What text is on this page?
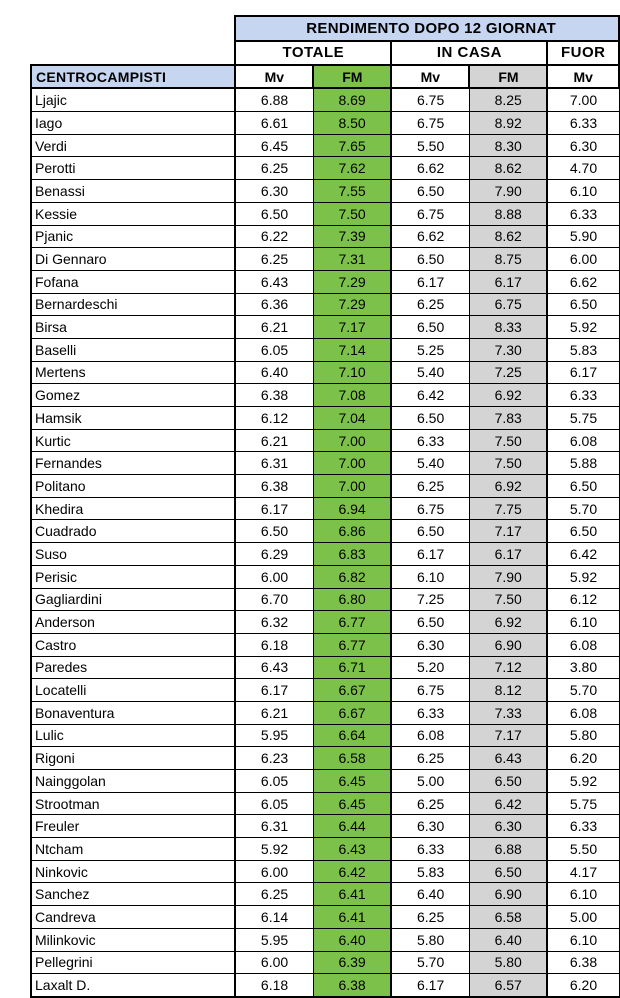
	RENDIMENTO DOPO 12 GIORNAT				
	TOTALE		IN CASA		FUOR
CENTROCAMPISTI	Mv	FM	Mv	FM	Mv
Ljajic	6.88	8.69	6.75	8.25	7.00
Iago	6.61	8.50	6.75	8.92	6.33
Verdi	6.45	7.65	5.50	8.30	6.30
Perotti	6.25	7.62	6.62	8.62	4.70
Benassi	6.30	7.55	6.50	7.90	6.10
Kessie	6.50	7.50	6.75	8.88	6.33
Pjanic	6.22	7.39	6.62	8.62	5.90
Di Gennaro	6.25	7.31	6.50	8.75	6.00
Fofana	6.43	7.29	6.17	6.17	6.62
Bernardeschi	6.36	7.29	6.25	6.75	6.50
Birsa	6.21	7.17	6.50	8.33	5.92
Baselli	6.05	7.14	5.25	7.30	5.83
Mertens	6.40	7.10	5.40	7.25	6.17
Gomez	6.38	7.08	6.42	6.92	6.33
Hamsik	6.12	7.04	6.50	7.83	5.75
Kurtic	6.21	7.00	6.33	7.50	6.08
Fernandes	6.31	7.00	5.40	7.50	5.88
Politano	6.38	7.00	6.25	6.92	6.50
Khedira	6.17	6.94	6.75	7.75	5.70
Cuadrado	6.50	6.86	6.50	7.17	6.50
Suso	6.29	6.83	6.17	6.17	6.42
Perisic	6.00	6.82	6.10	7.90	5.92
Gagliardini	6.70	6.80	7.25	7.50	6.12
Anderson	6.32	6.77	6.50	6.92	6.10
Castro	6.18	6.77	6.30	6.90	6.08
Paredes	6.43	6.71	5.20	7.12	3.80
Locatelli	6.17	6.67	6.75	8.12	5.70
Bonaventura	6.21	6.67	6.33	7.33	6.08
Lulic	5.95	6.64	6.08	7.17	5.80
Rigoni	6.23	6.58	6.25	6.43	6.20
Nainggolan	6.05	6.45	5.00	6.50	5.92
Strootman	6.05	6.45	6.25	6.42	5.75
Freuler	6.31	6.44	6.30	6.30	6.33
Ntcham	5.92	6.43	6.33	6.88	5.50
Ninkovic	6.00	6.42	5.83	6.50	4.17
Sanchez	6.25	6.41	6.40	6.90	6.10
Candreva	6.14	6.41	6.25	6.58	5.00
Milinkovic	5.95	6.40	5.80	6.40	6.10
Pellegrini	6.00	6.39	5.70	5.80	6.38
Laxalt D.	6.18	6.38	6.17	6.57	6.20
